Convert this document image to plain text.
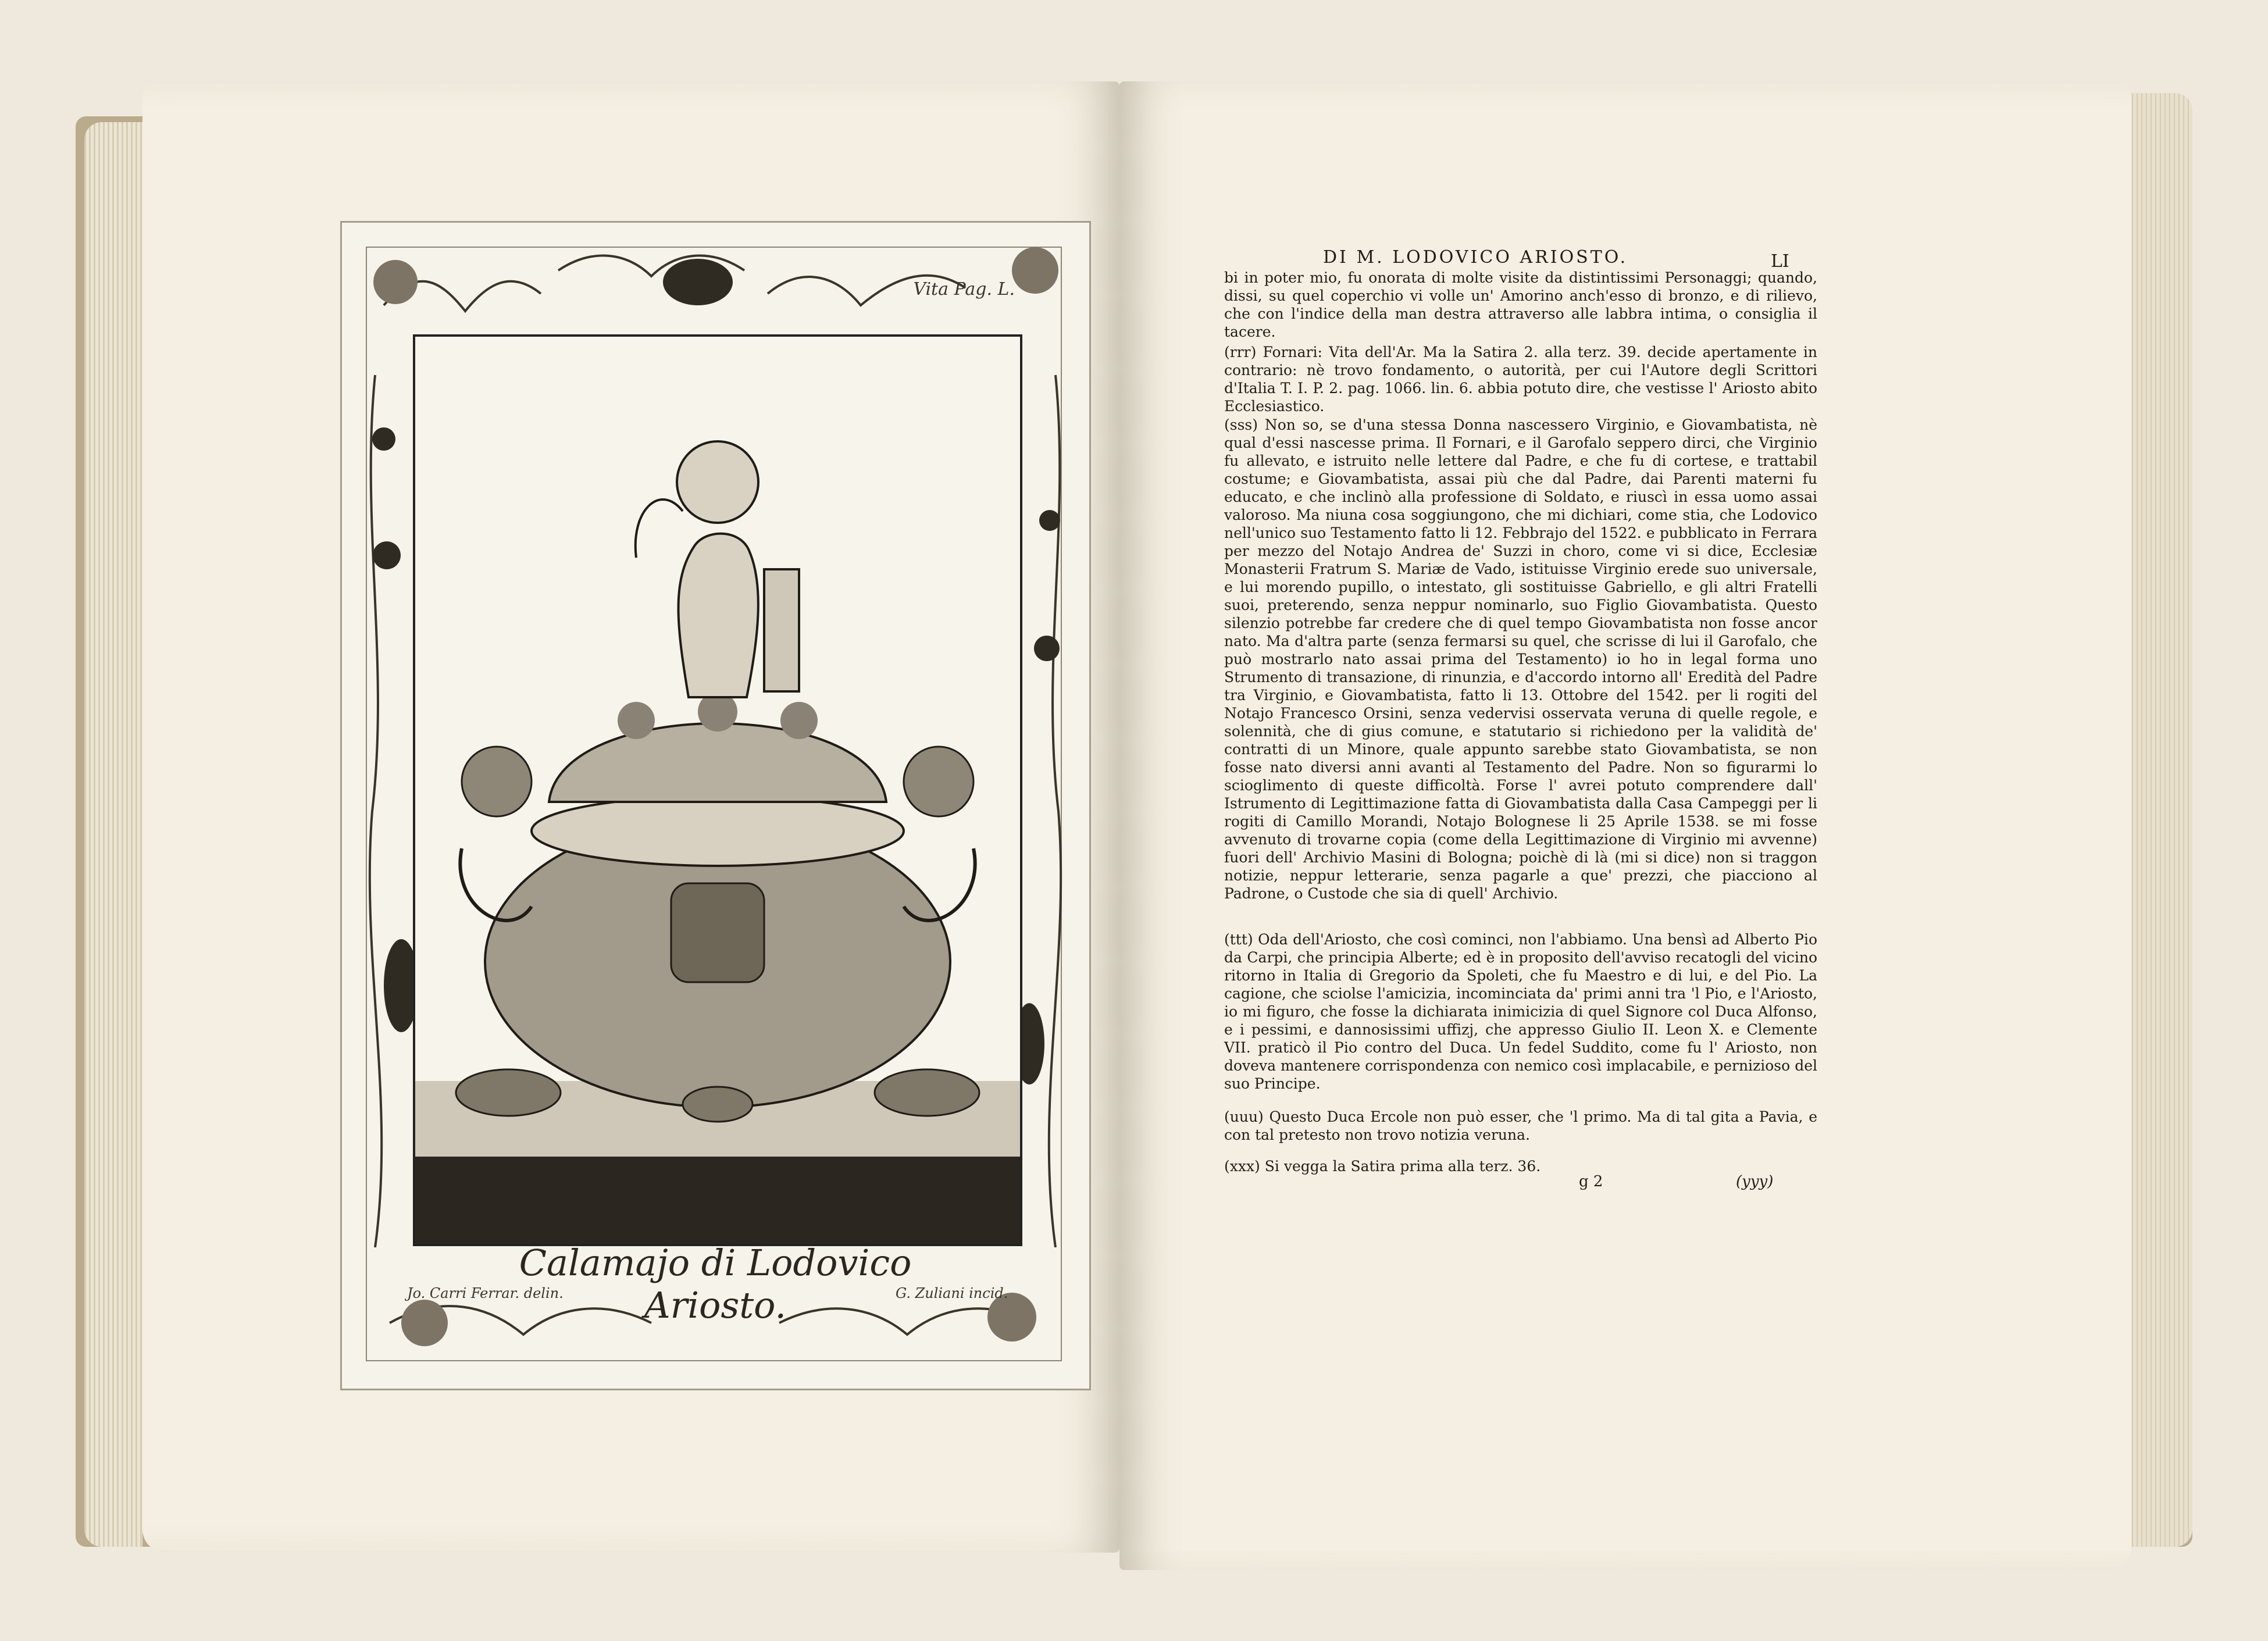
Vita Pag. L.
Calamajo di Lodovico Ariosto.
Jo. Carri Ferrar. delin.	G. Zuliani incid.
DI M. LODOVICO ARIOSTO.	LI
bi in poter mio, fu onorata di molte visite da distintissimi Personaggi; quando, dissi, su quel coperchio vi volle un' Amorino anch'esso di bronzo, e di rilievo, che con l'indice della man destra attraverso alle labbra intima, o consiglia il tacere.
(rrr) Fornari: Vita dell'Ar. Ma la Satira 2. alla terz. 39. decide apertamente in contrario: nè trovo fondamento, o autorità, per cui l'Autore degli Scrittori d'Italia T. I. P. 2. pag. 1066. lin. 6. abbia potuto dire, che vestisse l' Ariosto abito Ecclesiastico.
(sss) Non so, se d'una stessa Donna nascessero Virginio, e Giovambatista, nè qual d'essi nascesse prima. Il Fornari, e il Garofalo seppero dirci, che Virginio fu allevato, e istruito nelle lettere dal Padre, e che fu di cortese, e trattabil costume; e Giovambatista, assai più che dal Padre, dai Parenti materni fu educato, e che inclinò alla professione di Soldato, e riuscì in essa uomo assai valoroso. Ma niuna cosa soggiungono, che mi dichiari, come stia, che Lodovico nell'unico suo Testamento fatto li 12. Febbrajo del 1522. e pubblicato in Ferrara per mezzo del Notajo Andrea de' Suzzi in choro, come vi si dice, Ecclesiæ Monasterii Fratrum S. Mariæ de Vado, istituisse Virginio erede suo universale, e lui morendo pupillo, o intestato, gli sostituisse Gabriello, e gli altri Fratelli suoi, preterendo, senza neppur nominarlo, suo Figlio Giovambatista. Questo silenzio potrebbe far credere che di quel tempo Giovambatista non fosse ancor nato. Ma d'altra parte (senza fermarsi su quel, che scrisse di lui il Garofalo, che può mostrarlo nato assai prima del Testamento) io ho in legal forma uno Strumento di transazione, di rinunzia, e d'accordo intorno all' Eredità del Padre tra Virginio, e Giovambatista, fatto li 13. Ottobre del 1542. per li rogiti del Notajo Francesco Orsini, senza vedervisi osservata veruna di quelle regole, e solennità, che di gius comune, e statutario si richiedono per la validità de' contratti di un Minore, quale appunto sarebbe stato Giovambatista, se non fosse nato diversi anni avanti al Testamento del Padre. Non so figurarmi lo scioglimento di queste difficoltà. Forse l' avrei potuto comprendere dall' Istrumento di Legittimazione fatta di Giovambatista dalla Casa Campeggi per li rogiti di Camillo Morandi, Notajo Bolognese li 25 Aprile 1538. se mi fosse avvenuto di trovarne copia (come della Legittimazione di Virginio mi avvenne) fuori dell' Archivio Masini di Bologna; poichè di là (mi si dice) non si traggon notizie, neppur letterarie, senza pagarle a que' prezzi, che piacciono al Padrone, o Custode che sia di quell' Archivio.
(ttt) Oda dell'Ariosto, che così cominci, non l'abbiamo. Una bensì ad Alberto Pio da Carpi, che principia Alberte; ed è in proposito dell'avviso recatogli del vicino ritorno in Italia di Gregorio da Spoleti, che fu Maestro e di lui, e del Pio. La cagione, che sciolse l'amicizia, incominciata da' primi anni tra 'l Pio, e l'Ariosto, io mi figuro, che fosse la dichiarata inimicizia di quel Signore col Duca Alfonso, e i pessimi, e dannosissimi uffizj, che appresso Giulio II. Leon X. e Clemente VII. praticò il Pio contro del Duca. Un fedel Suddito, come fu l' Ariosto, non doveva mantenere corrispondenza con nemico così implacabile, e perniziosо del suo Principe.
(uuu) Questo Duca Ercole non può esser, che 'l primo. Ma di tal gita a Pavia, e con tal pretesto non trovo notizia veruna.
(xxx) Si vegga la Satira prima alla terz. 36.
g 2	(yyy)
